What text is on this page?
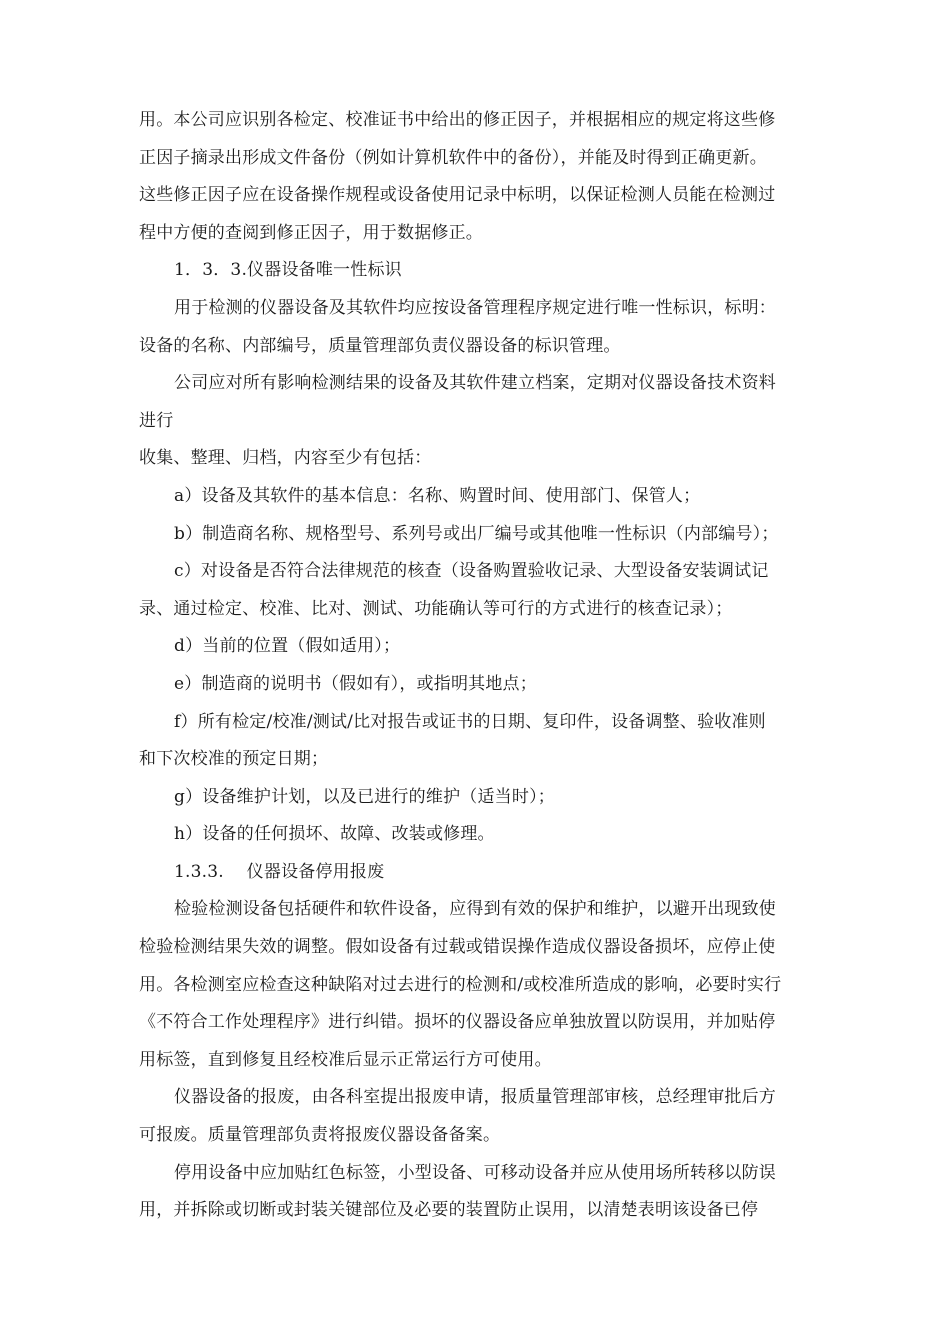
用。本公司应识别各检定、校准证书中给出的修正因子，并根据相应的规定将这些修
正因子摘录出形成文件备份（例如计算机软件中的备份），并能及时得到正确更新。
这些修正因子应在设备操作规程或设备使用记录中标明，以保证检测人员能在检测过
程中方便的查阅到修正因子，用于数据修正。
1．3．3.仪器设备唯一性标识
用于检测的仪器设备及其软件均应按设备管理程序规定进行唯一性标识，标明：
设备的名称、内部编号，质量管理部负责仪器设备的标识管理。
公司应对所有影响检测结果的设备及其软件建立档案，定期对仪器设备技术资料
进行
收集、整理、归档，内容至少有包括：
a）设备及其软件的基本信息：名称、购置时间、使用部门、保管人；
b）制造商名称、规格型号、系列号或出厂编号或其他唯一性标识（内部编号）；
c）对设备是否符合法律规范的核查（设备购置验收记录、大型设备安装调试记
录、通过检定、校准、比对、测试、功能确认等可行的方式进行的核查记录）；
d）当前的位置（假如适用）；
e）制造商的说明书（假如有），或指明其地点；
f）所有检定/校准/测试/比对报告或证书的日期、复印件，设备调整、验收准则
和下次校准的预定日期；
g）设备维护计划，以及已进行的维护（适当时）；
h）设备的任何损坏、故障、改装或修理。
1.3.3.　 仪器设备停用报废
检验检测设备包括硬件和软件设备，应得到有效的保护和维护，以避开出现致使
检验检测结果失效的调整。假如设备有过载或错误操作造成仪器设备损坏，应停止使
用。各检测室应检查这种缺陷对过去进行的检测和/或校准所造成的影响，必要时实行
《不符合工作处理程序》进行纠错。损坏的仪器设备应单独放置以防误用，并加贴停
用标签，直到修复且经校准后显示正常运行方可使用。
仪器设备的报废，由各科室提出报废申请，报质量管理部审核，总经理审批后方
可报废。质量管理部负责将报废仪器设备备案。
停用设备中应加贴红色标签，小型设备、可移动设备并应从使用场所转移以防误
用，并拆除或切断或封装关键部位及必要的装置防止误用，以清楚表明该设备已停
